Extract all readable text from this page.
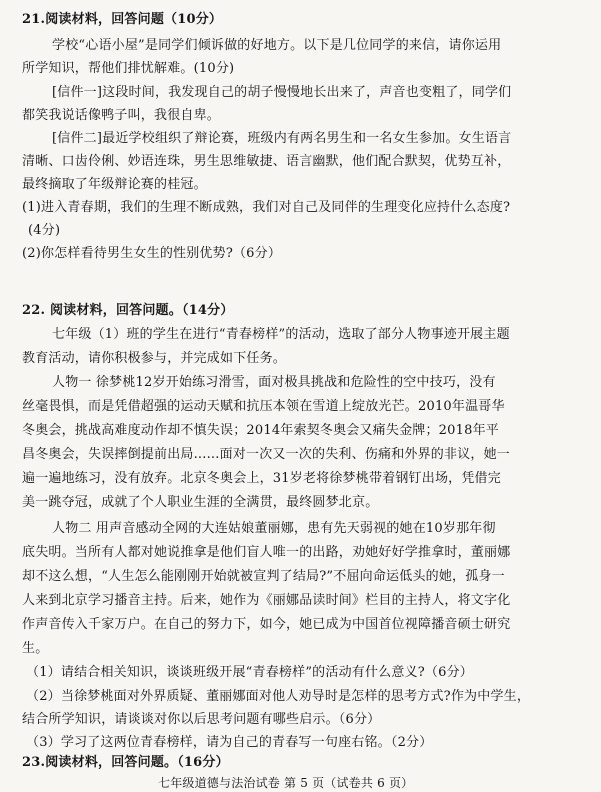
21.阅读材料，回答问题（10分）
学校“心语小屋”是同学们倾诉做的好地方。以下是几位同学的来信，请你运用
所学知识，帮他们排忧解难。(10分)
[信件一]这段时间，我发现自己的胡子慢慢地长出来了，声音也变粗了，同学们
都笑我说话像鸭子叫，我很自卑。
[信件二]最近学校组织了辩论赛，班级内有两名男生和一名女生参加。女生语言
清晰、口齿伶俐、妙语连珠，男生思维敏捷、语言幽默，他们配合默契，优势互补，
最终摘取了年级辩论赛的桂冠。
(1)进入青春期，我们的生理不断成熟，我们对自己及同伴的生理变化应持什么态度?
(4分)
(2)你怎样看待男生女生的性别优势?（6分）
22. 阅读材料，回答问题。（14分）
七年级（1）班的学生在进行“青春榜样”的活动，选取了部分人物事迹开展主题
教育活动，请你积极参与，并完成如下任务。
人物一 徐梦桃12岁开始练习滑雪，面对极具挑战和危险性的空中技巧，没有
丝毫畏惧，而是凭借超强的运动天赋和抗压本领在雪道上绽放光芒。2010年温哥华
冬奥会，挑战高难度动作却不慎失误；2014年索契冬奥会又痛失金牌；2018年平
昌冬奥会，失误摔倒提前出局......面对一次又一次的失利、伤痛和外界的非议，她一
遍一遍地练习，没有放弃。北京冬奥会上，31岁老将徐梦桃带着钢钉出场，凭借完
美一跳夺冠，成就了个人职业生涯的全满贯，最终圆梦北京。
人物二 用声音感动全网的大连姑娘董丽娜，患有先天弱视的她在10岁那年彻
底失明。当所有人都对她说推拿是他们盲人唯一的出路，劝她好好学推拿时，董丽娜
却不这么想，“人生怎么能刚刚开始就被宣判了结局?”不屈向命运低头的她，孤身一
人来到北京学习播音主持。后来，她作为《丽娜品读时间》栏目的主持人，将文字化
作声音传入千家万户。在自己的努力下，如今，她已成为中国首位视障播音硕士研究
生。
（1）请结合相关知识，谈谈班级开展“青春榜样”的活动有什么意义?（6分）
（2）当徐梦桃面对外界质疑、董丽娜面对他人劝导时是怎样的思考方式?作为中学生，
结合所学知识，请谈谈对你以后思考问题有哪些启示。（6分）
（3）学习了这两位青春榜样，请为自己的青春写一句座右铭。（2分）
23.阅读材料，回答问题。（16分）
七年级道德与法治试卷 第 5 页（试卷共 6 页）
